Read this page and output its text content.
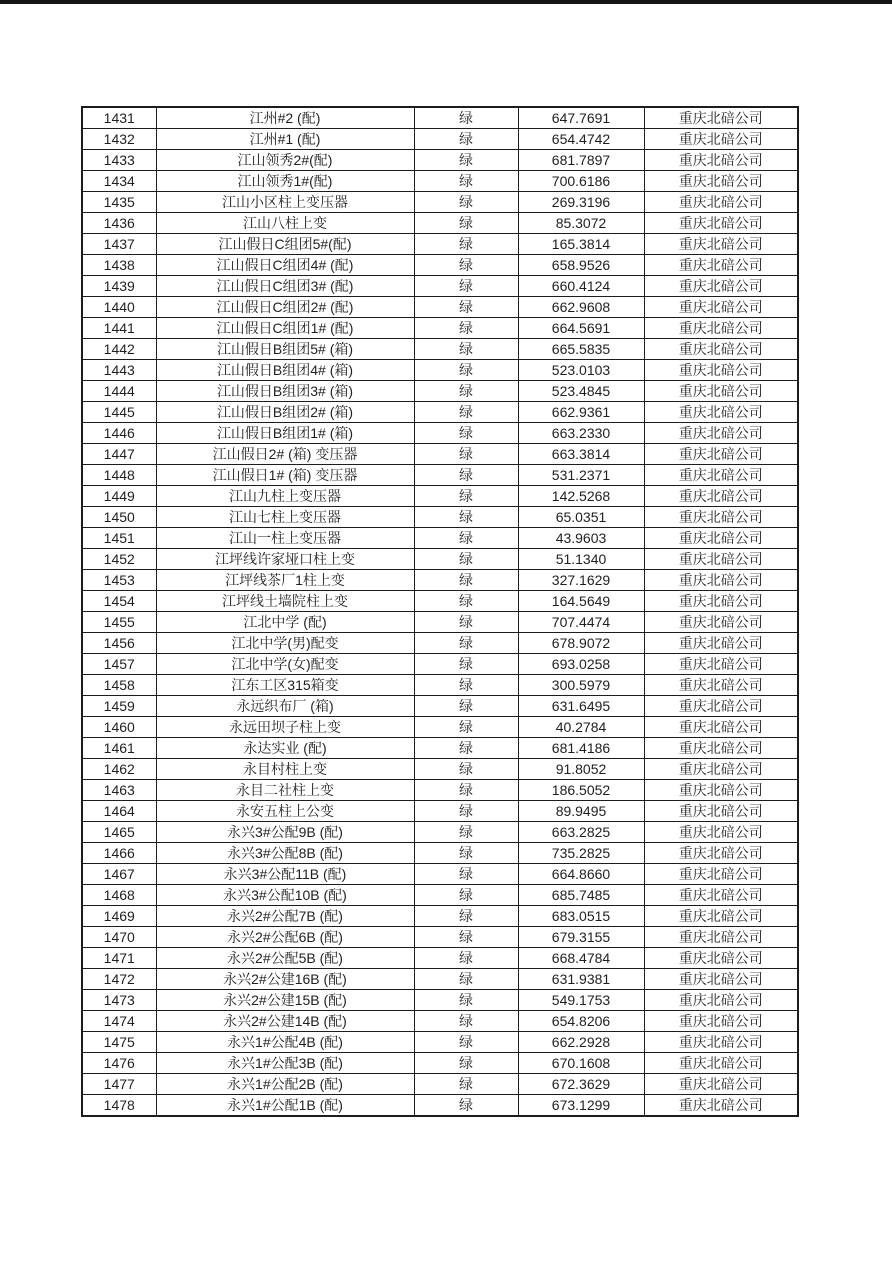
1431	江州#2 (配)	绿	647.7691	重庆北碚公司
1432	江州#1 (配)	绿	654.4742	重庆北碚公司
1433	江山领秀2#(配)	绿	681.7897	重庆北碚公司
1434	江山领秀1#(配)	绿	700.6186	重庆北碚公司
1435	江山小区柱上变压器	绿	269.3196	重庆北碚公司
1436	江山八柱上变	绿	85.3072	重庆北碚公司
1437	江山假日C组团5#(配)	绿	165.3814	重庆北碚公司
1438	江山假日C组团4# (配)	绿	658.9526	重庆北碚公司
1439	江山假日C组团3# (配)	绿	660.4124	重庆北碚公司
1440	江山假日C组团2# (配)	绿	662.9608	重庆北碚公司
1441	江山假日C组团1# (配)	绿	664.5691	重庆北碚公司
1442	江山假日B组团5# (箱)	绿	665.5835	重庆北碚公司
1443	江山假日B组团4# (箱)	绿	523.0103	重庆北碚公司
1444	江山假日B组团3# (箱)	绿	523.4845	重庆北碚公司
1445	江山假日B组团2# (箱)	绿	662.9361	重庆北碚公司
1446	江山假日B组团1# (箱)	绿	663.2330	重庆北碚公司
1447	江山假日2# (箱) 变压器	绿	663.3814	重庆北碚公司
1448	江山假日1# (箱) 变压器	绿	531.2371	重庆北碚公司
1449	江山九柱上变压器	绿	142.5268	重庆北碚公司
1450	江山七柱上变压器	绿	65.0351	重庆北碚公司
1451	江山一柱上变压器	绿	43.9603	重庆北碚公司
1452	江坪线许家垭口柱上变	绿	51.1340	重庆北碚公司
1453	江坪线茶厂1柱上变	绿	327.1629	重庆北碚公司
1454	江坪线土墙院柱上变	绿	164.5649	重庆北碚公司
1455	江北中学 (配)	绿	707.4474	重庆北碚公司
1456	江北中学(男)配变	绿	678.9072	重庆北碚公司
1457	江北中学(女)配变	绿	693.0258	重庆北碚公司
1458	江东工区315箱变	绿	300.5979	重庆北碚公司
1459	永远织布厂 (箱)	绿	631.6495	重庆北碚公司
1460	永远田坝子柱上变	绿	40.2784	重庆北碚公司
1461	永达实业 (配)	绿	681.4186	重庆北碚公司
1462	永目村柱上变	绿	91.8052	重庆北碚公司
1463	永目二社柱上变	绿	186.5052	重庆北碚公司
1464	永安五柱上公变	绿	89.9495	重庆北碚公司
1465	永兴3#公配9B (配)	绿	663.2825	重庆北碚公司
1466	永兴3#公配8B (配)	绿	735.2825	重庆北碚公司
1467	永兴3#公配11B (配)	绿	664.8660	重庆北碚公司
1468	永兴3#公配10B (配)	绿	685.7485	重庆北碚公司
1469	永兴2#公配7B (配)	绿	683.0515	重庆北碚公司
1470	永兴2#公配6B (配)	绿	679.3155	重庆北碚公司
1471	永兴2#公配5B (配)	绿	668.4784	重庆北碚公司
1472	永兴2#公建16B (配)	绿	631.9381	重庆北碚公司
1473	永兴2#公建15B (配)	绿	549.1753	重庆北碚公司
1474	永兴2#公建14B (配)	绿	654.8206	重庆北碚公司
1475	永兴1#公配4B (配)	绿	662.2928	重庆北碚公司
1476	永兴1#公配3B (配)	绿	670.1608	重庆北碚公司
1477	永兴1#公配2B (配)	绿	672.3629	重庆北碚公司
1478	永兴1#公配1B (配)	绿	673.1299	重庆北碚公司
